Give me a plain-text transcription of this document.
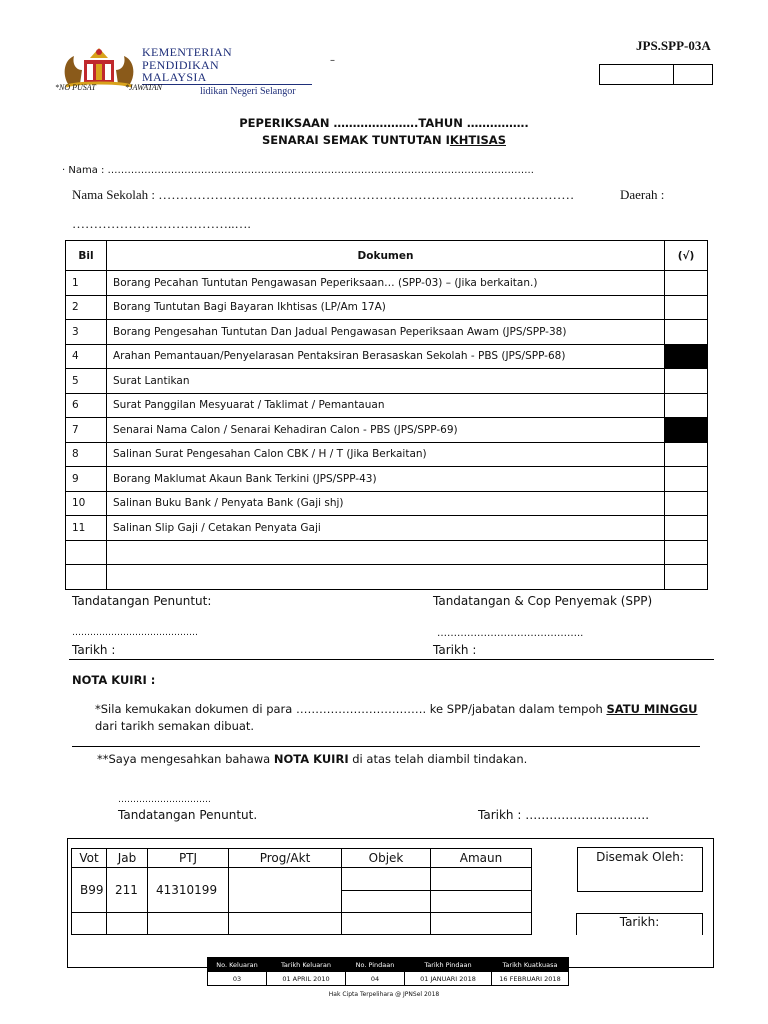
KEMENTERIAN
PENDIDIKAN
MALAYSIA
lidikan Negeri Selangor
*NO PUSAT	*JAWATAN
–
JPS.SPP-03A
PEPERIKSAAN ………………….TAHUN …………….
SENARAI SEMAK TUNTUTAN IKHTISAS
· Nama : ………………………………………………………………………………………………………………..
Nama Sekolah : ……………………………………………………………………………………	Daerah :
………………………………..….
Bil	Dokumen	(√)
1	Borang Pecahan Tuntutan Pengawasan Peperiksaan… (SPP-03) – (Jika berkaitan.)	
2	Borang Tuntutan Bagi Bayaran Ikhtisas (LP/Am 17A)	
3	Borang Pengesahan Tuntutan Dan Jadual Pengawasan Peperiksaan Awam (JPS/SPP-38)	
4	Arahan Pemantauan/Penyelarasan Pentaksiran Berasaskan Sekolah - PBS (JPS/SPP-68)	
5	Surat Lantikan	
6	Surat Panggilan Mesyuarat / Taklimat / Pemantauan	
7	Senarai Nama Calon / Senarai Kehadiran Calon - PBS (JPS/SPP-69)	
8	Salinan Surat Pengesahan Calon CBK / H / T (Jika Berkaitan)	
9	Borang Maklumat Akaun Bank Terkini (JPS/SPP-43)	
10	Salinan Buku Bank / Penyata Bank (Gaji shj)	
11	Salinan Slip Gaji / Cetakan Penyata Gaji	

Tandatangan Penuntut:	Tandatangan & Cop Penyemak (SPP)
……………………………………	……………………………………..
Tarikh :	Tarikh :
NOTA KUIRI :
*Sila kemukakan dokumen di para ……………………………. ke SPP/jabatan dalam tempoh SATU MINGGU
dari tarikh semakan dibuat.
**Saya mengesahkan bahawa NOTA KUIRI di atas telah diambil tindakan.
………………………….
Tandatangan Penuntut.	Tarikh : ………………………….
Vot	Jab	PTJ	Prog/Akt	Objek	Amaun
B99	211	41310199			

Disemak Oleh:
Tarikh:
No. Keluaran	Tarikh Keluaran	No. Pindaan	Tarikh Pindaan	Tarikh Kuatkuasa
03	01 APRIL 2010	04	01 JANUARI 2018	16 FEBRUARI 2018
Hak Cipta Terpelihara @ JPNSel 2018
